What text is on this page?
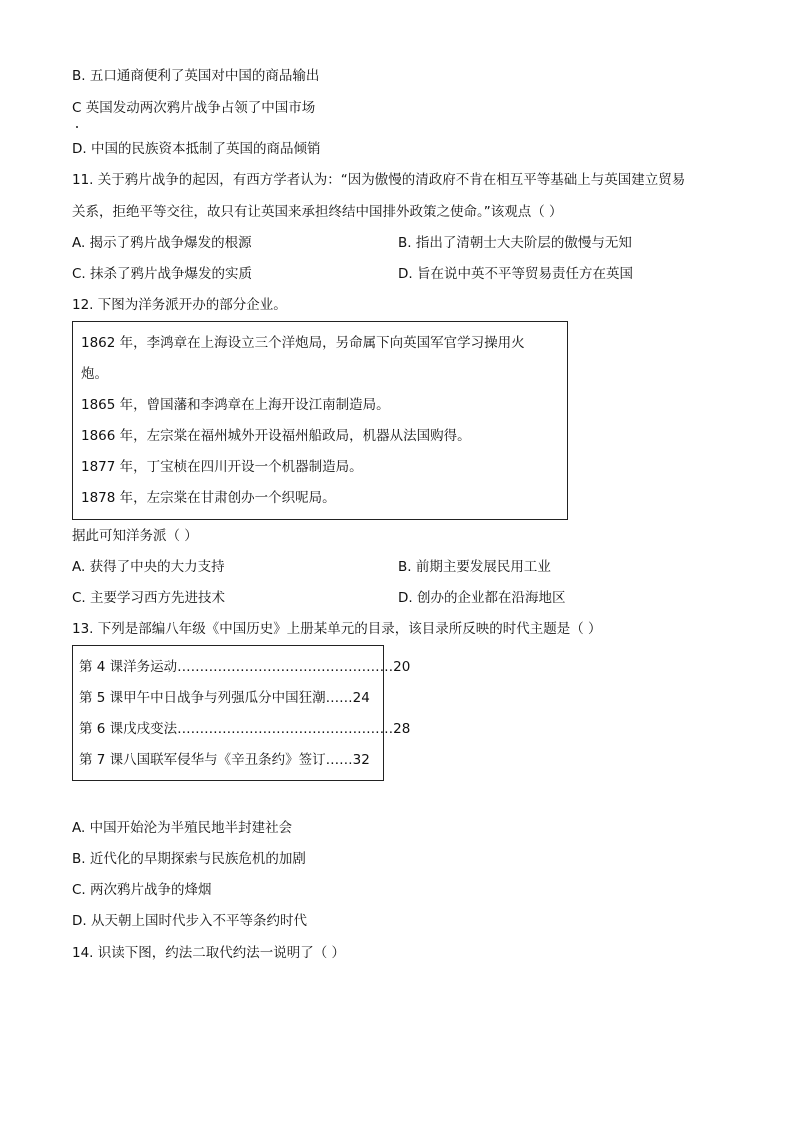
B. 五口通商便利了英国对中国的商品输出
C 英国发动两次鸦片战争占领了中国市场
D. 中国的民族资本抵制了英国的商品倾销
11. 关于鸦片战争的起因，有西方学者认为：“因为傲慢的清政府不肯在相互平等基础上与英国建立贸易
关系，拒绝平等交往，故只有让英国来承担终结中国排外政策之使命。”该观点（ ）
A. 揭示了鸦片战争爆发的根源	B. 指出了清朝士大夫阶层的傲慢与无知
C. 抹杀了鸦片战争爆发的实质	D. 旨在说中英不平等贸易责任方在英国
12. 下图为洋务派开办的部分企业。
1862 年，李鸿章在上海设立三个洋炮局，另命属下向英国军官学习操用火
炮。
1865 年，曾国藩和李鸿章在上海开设江南制造局。
1866 年，左宗棠在福州城外开设福州船政局，机器从法国购得。
1877 年，丁宝桢在四川开设一个机器制造局。
1878 年，左宗棠在甘肃创办一个织呢局。
据此可知洋务派（ ）
A. 获得了中央的大力支持	B. 前期主要发展民用工业
C. 主要学习西方先进技术	D. 创办的企业都在沿海地区
13. 下列是部编八年级《中国历史》上册某单元的目录，该目录所反映的时代主题是（ ）
第 4 课洋务运动…………………………………………20
第 5 课甲午中日战争与列强瓜分中国狂潮……24
第 6 课戊戌变法…………………………………………28
第 7 课八国联军侵华与《辛丑条约》签订……32
A. 中国开始沦为半殖民地半封建社会
B. 近代化的早期探索与民族危机的加剧
C. 两次鸦片战争的烽烟
D. 从天朝上国时代步入不平等条约时代
14. 识读下图，约法二取代约法一说明了（ ）
